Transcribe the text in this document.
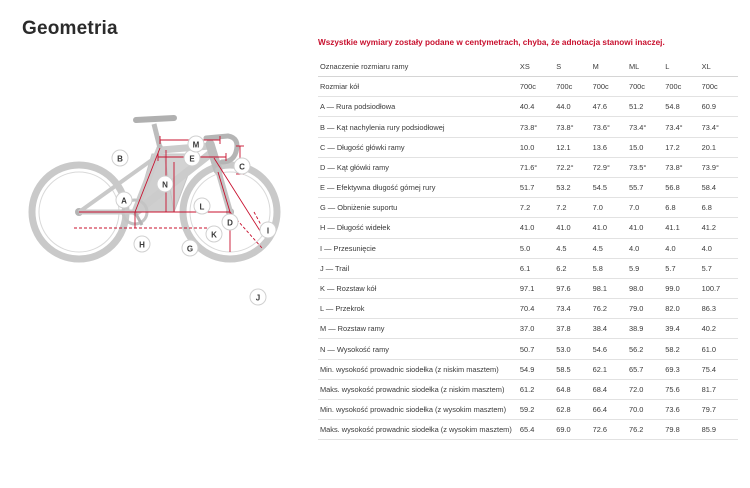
Geometria
A
B
C
D
E
G
H
I
J
K
L
M
N

Wszystkie wymiary zostały podane w centymetrach, chyba, że adnotacja stanowi inaczej.

Oznaczenie rozmiaru ramy	XS	S	M	ML	L	XL
Rozmiar kół	700c	700c	700c	700c	700c	700c
A — Rura podsiodłowa	40.4	44.0	47.6	51.2	54.8	60.9
B — Kąt nachylenia rury podsiodłowej	73.8°	73.8°	73.6°	73.4°	73.4°	73.4°
C — Długość główki ramy	10.0	12.1	13.6	15.0	17.2	20.1
D — Kąt główki ramy	71.6°	72.2°	72.9°	73.5°	73.8°	73.9°
E — Efektywna długość górnej rury	51.7	53.2	54.5	55.7	56.8	58.4
G — Obniżenie suportu	7.2	7.2	7.0	7.0	6.8	6.8
H — Długość widełek	41.0	41.0	41.0	41.0	41.1	41.2
I — Przesunięcie	5.0	4.5	4.5	4.0	4.0	4.0
J — Trail	6.1	6.2	5.8	5.9	5.7	5.7
K — Rozstaw kół	97.1	97.6	98.1	98.0	99.0	100.7
L — Przekrok	70.4	73.4	76.2	79.0	82.0	86.3
M — Rozstaw ramy	37.0	37.8	38.4	38.9	39.4	40.2
N — Wysokość ramy	50.7	53.0	54.6	56.2	58.2	61.0
Min. wysokość prowadnic siodełka (z niskim masztem)	54.9	58.5	62.1	65.7	69.3	75.4
Maks. wysokość prowadnic siodełka (z niskim masztem)	61.2	64.8	68.4	72.0	75.6	81.7
Min. wysokość prowadnic siodełka (z wysokim masztem)	59.2	62.8	66.4	70.0	73.6	79.7
Maks. wysokość prowadnic siodełka (z wysokim masztem)	65.4	69.0	72.6	76.2	79.8	85.9
